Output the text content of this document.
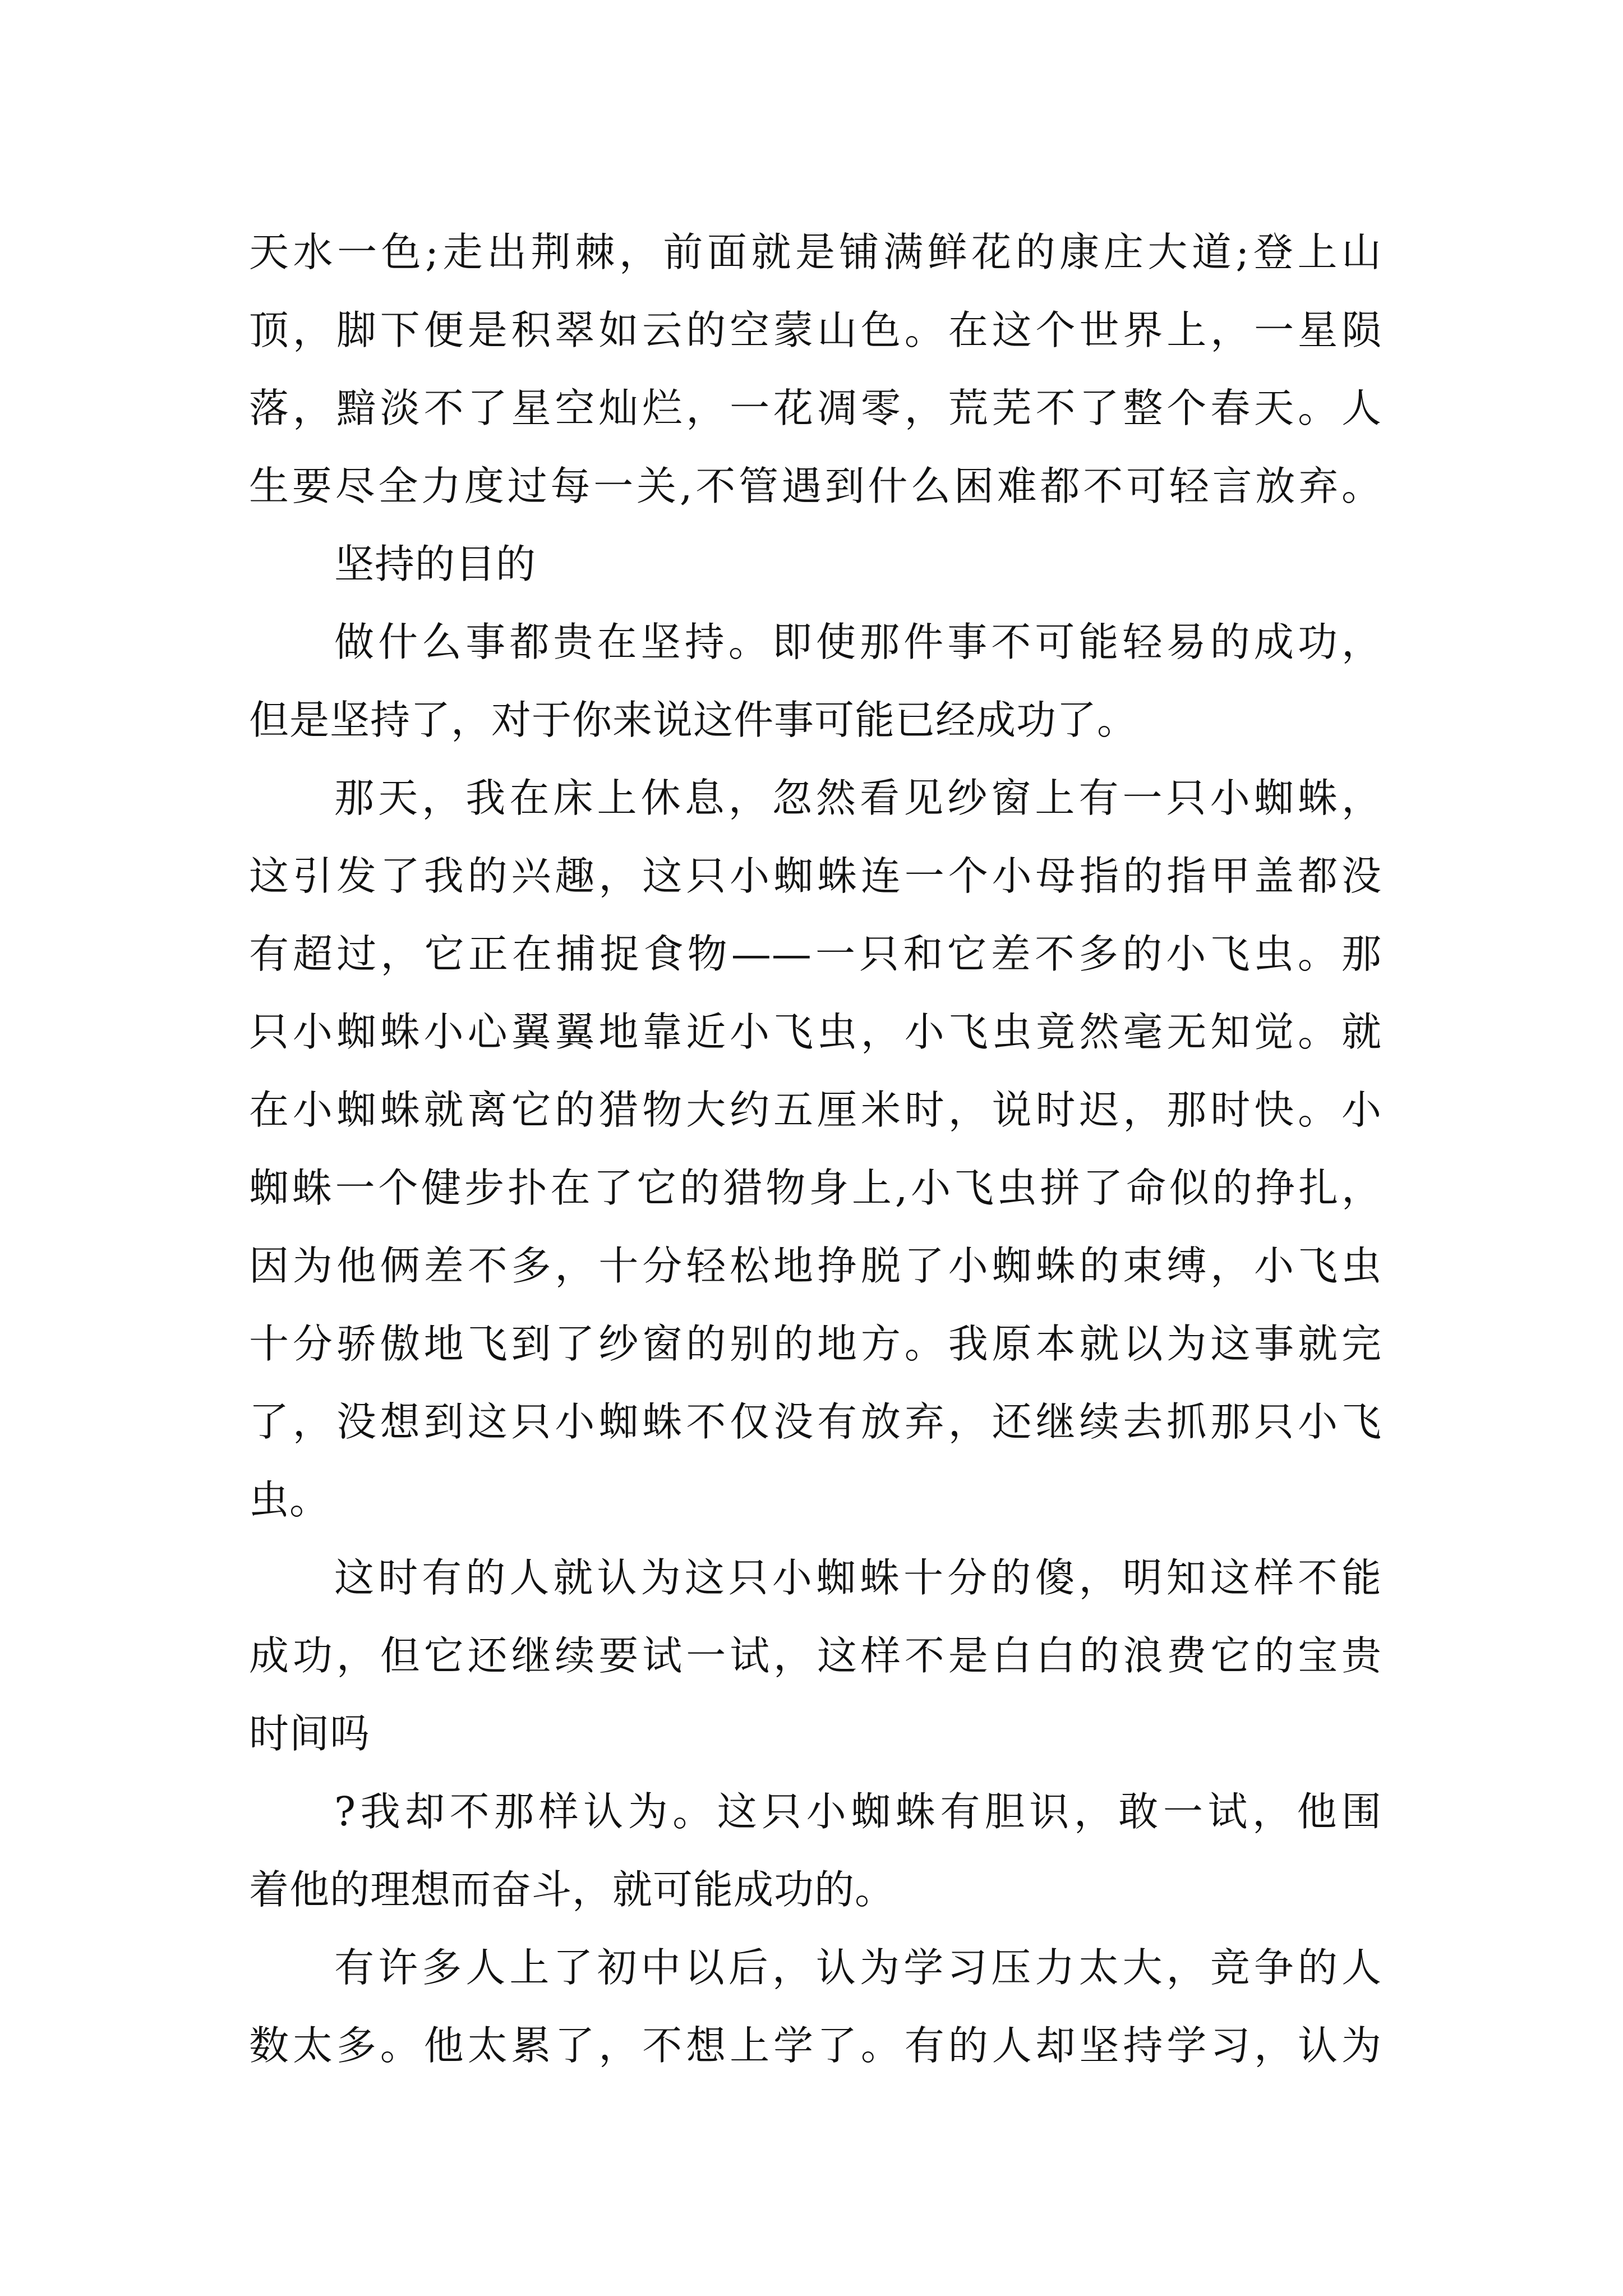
天水一色;走出荆棘，前面就是铺满鲜花的康庄大道;登上山
顶，脚下便是积翠如云的空蒙山色。在这个世界上，一星陨
落，黯淡不了星空灿烂，一花凋零，荒芜不了整个春天。人
生要尽全力度过每一关,不管遇到什么困难都不可轻言放弃。
坚持的目的
做什么事都贵在坚持。即使那件事不可能轻易的成功，
但是坚持了，对于你来说这件事可能已经成功了。
那天，我在床上休息，忽然看见纱窗上有一只小蜘蛛，
这引发了我的兴趣，这只小蜘蛛连一个小母指的指甲盖都没
有超过，它正在捕捉食物——一只和它差不多的小飞虫。那
只小蜘蛛小心翼翼地靠近小飞虫，小飞虫竟然毫无知觉。就
在小蜘蛛就离它的猎物大约五厘米时，说时迟，那时快。小
蜘蛛一个健步扑在了它的猎物身上,小飞虫拼了命似的挣扎，
因为他俩差不多，十分轻松地挣脱了小蜘蛛的束缚，小飞虫
十分骄傲地飞到了纱窗的别的地方。我原本就以为这事就完
了，没想到这只小蜘蛛不仅没有放弃，还继续去抓那只小飞
虫。
这时有的人就认为这只小蜘蛛十分的傻，明知这样不能
成功，但它还继续要试一试，这样不是白白的浪费它的宝贵
时间吗
?我却不那样认为。这只小蜘蛛有胆识，敢一试，他围
着他的理想而奋斗，就可能成功的。
有许多人上了初中以后，认为学习压力太大，竞争的人
数太多。他太累了，不想上学了。有的人却坚持学习，认为
